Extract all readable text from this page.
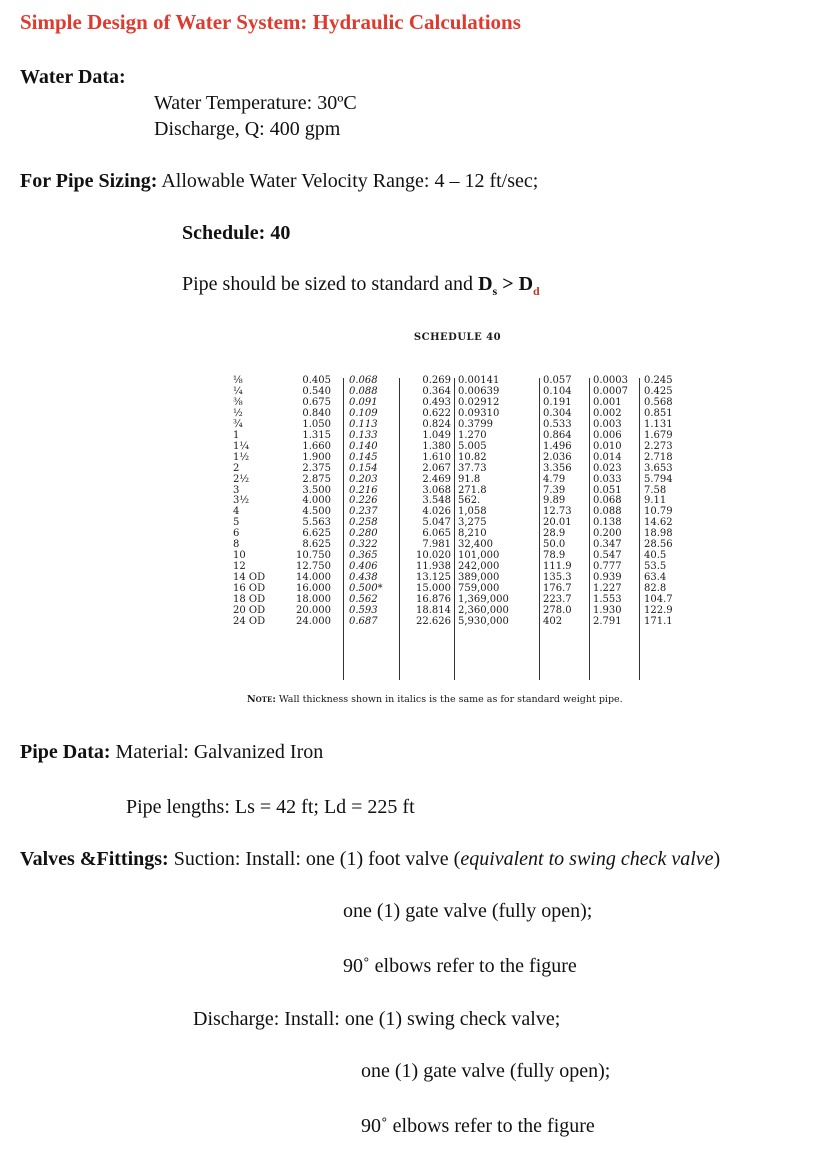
Simple Design of Water System: Hydraulic Calculations
Water Data:
Water Temperature: 30ºC
Discharge, Q: 400 gpm
For Pipe Sizing: Allowable Water Velocity Range: 4 – 12 ft/sec;
Schedule: 40
Pipe should be sized to standard and $D_s > D_d$
SCHEDULE 40
⅛
¼
⅜
½
¾
1
1¼
1½
2
2½
3
3½
4
5
6
8
10
12
14 OD
16 OD
18 OD
20 OD
24 OD
0.405
0.540
0.675
0.840
1.050
1.315
1.660
1.900
2.375
2.875
3.500
4.000
4.500
5.563
6.625
8.625
10.750
12.750
14.000
16.000
18.000
20.000
24.000
0.068
0.088
0.091
0.109
0.113
0.133
0.140
0.145
0.154
0.203
0.216
0.226
0.237
0.258
0.280
0.322
0.365
0.406
0.438
0.500*
0.562
0.593
0.687
0.269
0.364
0.493
0.622
0.824
1.049
1.380
1.610
2.067
2.469
3.068
3.548
4.026
5.047
6.065
7.981
10.020
11.938
13.125
15.000
16.876
18.814
22.626
0.00141
0.00639
0.02912
0.09310
0.3799
1.270
5.005
10.82
37.73
91.8
271.8
562.
1,058
3,275
8,210
32,400
101,000
242,000
389,000
759,000
1,369,000
2,360,000
5,930,000
0.057
0.104
0.191
0.304
0.533
0.864
1.496
2.036
3.356
4.79
7.39
9.89
12.73
20.01
28.9
50.0
78.9
111.9
135.3
176.7
223.7
278.0
402
0.0003
0.0007
0.001
0.002
0.003
0.006
0.010
0.014
0.023
0.033
0.051
0.068
0.088
0.138
0.200
0.347
0.547
0.777
0.939
1.227
1.553
1.930
2.791
0.245
0.425
0.568
0.851
1.131
1.679
2.273
2.718
3.653
5.794
7.58
9.11
10.79
14.62
18.98
28.56
40.5
53.5
63.4
82.8
104.7
122.9
171.1
Note: Wall thickness shown in italics is the same as for standard weight pipe.
Pipe Data: Material: Galvanized Iron
Pipe lengths: Ls = 42 ft; Ld = 225 ft
Valves &Fittings: Suction: Install: one (1) foot valve (equivalent to swing check valve)
one (1) gate valve (fully open);
90˚ elbows refer to the figure
Discharge: Install: one (1) swing check valve;
one (1) gate valve (fully open);
90˚ elbows refer to the figure
